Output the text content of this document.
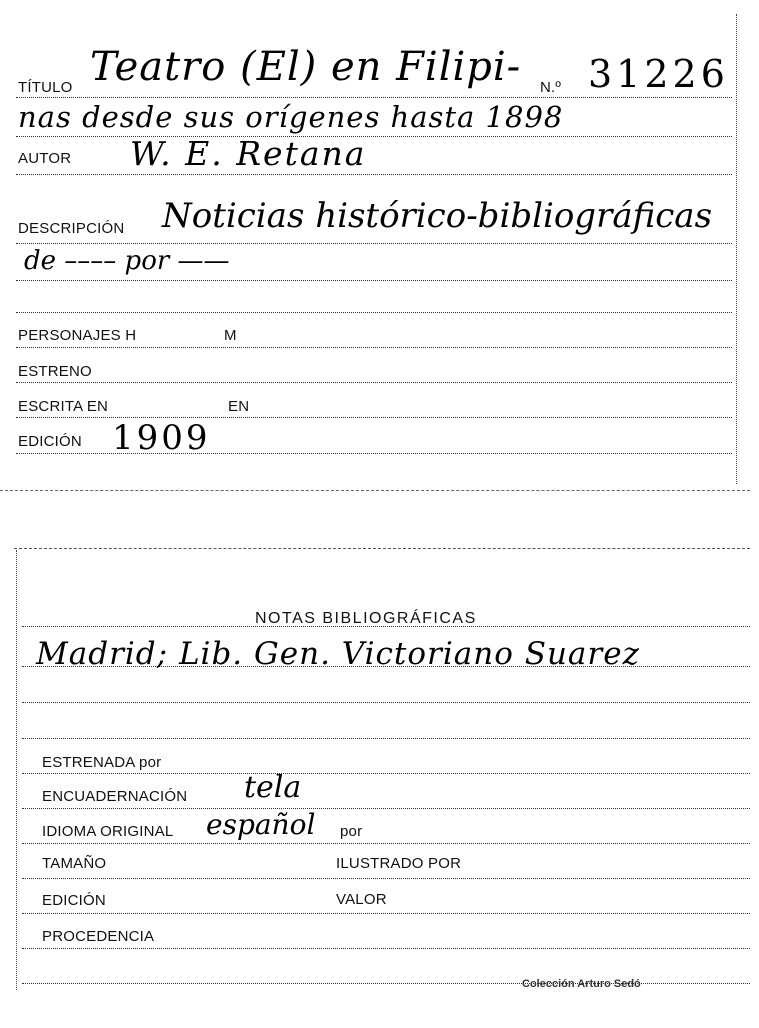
TÍTULO Teatro (El) en Filipi- N.º 31226
nas desde sus orígenes hasta 1898
AUTOR W. E. Retana
DESCRIPCIÓN Noticias histórico-bibliográficas
de –––– por ——
PERSONAJES H	M
ESTRENO
ESCRITA EN	EN
EDICIÓN 1909
NOTAS BIBLIOGRÁFICAS
Madrid; Lib. Gen. Victoriano Suarez
ESTRENADA por
ENCUADERNACIÓN tela
IDIOMA ORIGINAL español por
TAMAÑO	ILUSTRADO POR
EDICIÓN	VALOR
PROCEDENCIA
Colección Arturo Sedó
